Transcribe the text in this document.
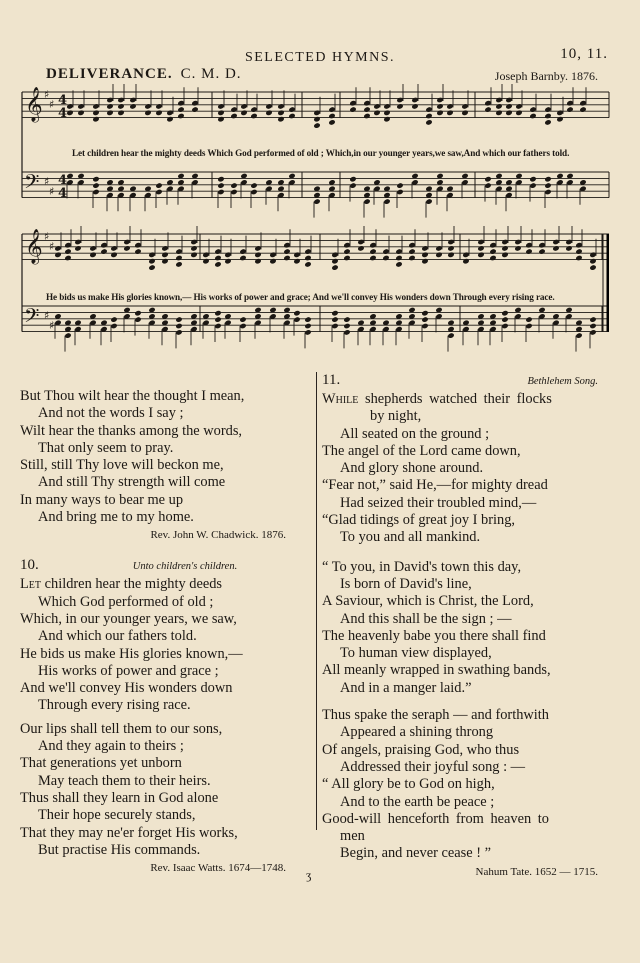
SELECTED HYMNS.	10, 11.
DELIVERANCE. C. M. D.	Joseph Barnby. 1876.
𝄞
𝄢
♯
♯
♯
♯
4
4
4
4
𝄞
𝄢
♯
♯
♯
♯
Let children hear the mighty deeds Which God performed of old ; Which,in our younger years,we saw,And which our fathers told.
He bids us make His glories known,— His works of power and grace; And we'll convey His wonders down Through every rising race.
But Thou wilt hear the thought I mean,
And not the words I say ;
Wilt hear the thanks among the words,
That only seem to pray.
Still, still Thy love will beckon me,
And still Thy strength will come
In many ways to bear me up
And bring me to my home.
Rev. John W. Chadwick. 1876.
10.	Unto children's children.
Let children hear the mighty deeds
Which God performed of old ;
Which, in our younger years, we saw,
And which our fathers told.
He bids us make His glories known,—
His works of power and grace ;
And we'll convey His wonders down
Through every rising race.
Our lips shall tell them to our sons,
And they again to theirs ;
That generations yet unborn
May teach them to their heirs.
Thus shall they learn in God alone
Their hope securely stands,
That they may ne'er forget His works,
But practise His commands.
Rev. Isaac Watts. 1674—1748.
11.	Bethlehem Song.
While shepherds watched their flocks
by night,
All seated on the ground ;
The angel of the Lord came down,
And glory shone around.
“Fear not,” said He,—for mighty dread
Had seized their troubled mind,—
“Glad tidings of great joy I bring,
To you and all mankind.
“ To you, in David's town this day,
Is born of David's line,
A Saviour, which is Christ, the Lord,
And this shall be the sign ; —
The heavenly babe you there shall find
To human view displayed,
All meanly wrapped in swathing bands,
And in a manger laid.”
Thus spake the seraph — and forthwith
Appeared a shining throng
Of angels, praising God, who thus
Addressed their joyful song : —
“ All glory be to God on high,
And to the earth be peace ;
Good-will henceforth from heaven to
men
Begin, and never cease ! ”
Nahum Tate. 1652 — 1715.
ʒ
